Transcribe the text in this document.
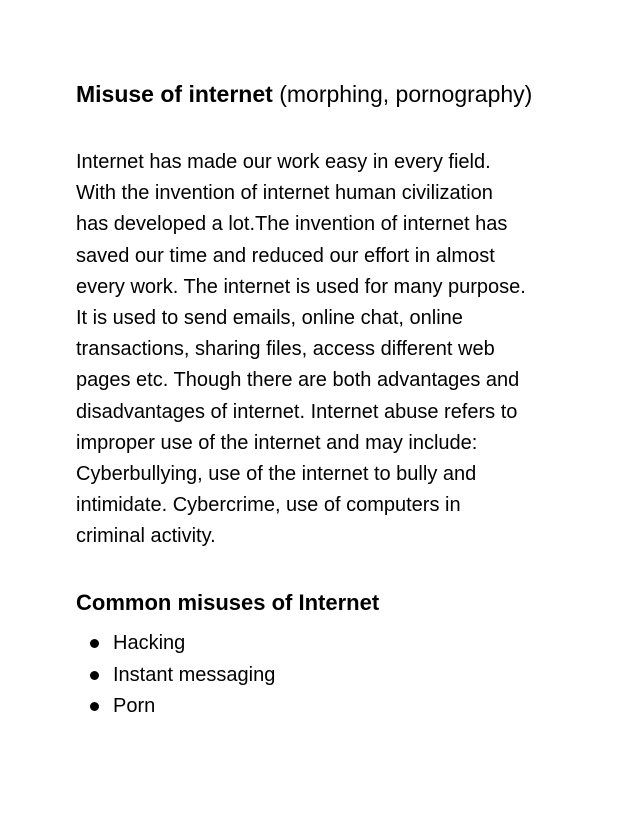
Misuse of internet (morphing, pornography)

Internet has made our work easy in every field.
With the invention of internet human civilization
has developed a lot.The invention of internet has
saved our time and reduced our effort in almost
every work. The internet is used for many purpose.
It is used to send emails, online chat, online
transactions, sharing files, access different web
pages etc. Though there are both advantages and
disadvantages of internet. Internet abuse refers to
improper use of the internet and may include:
Cyberbullying, use of the internet to bully and
intimidate. Cybercrime, use of computers in
criminal activity.

Common misuses of Internet
Hacking
Instant messaging
Porn
